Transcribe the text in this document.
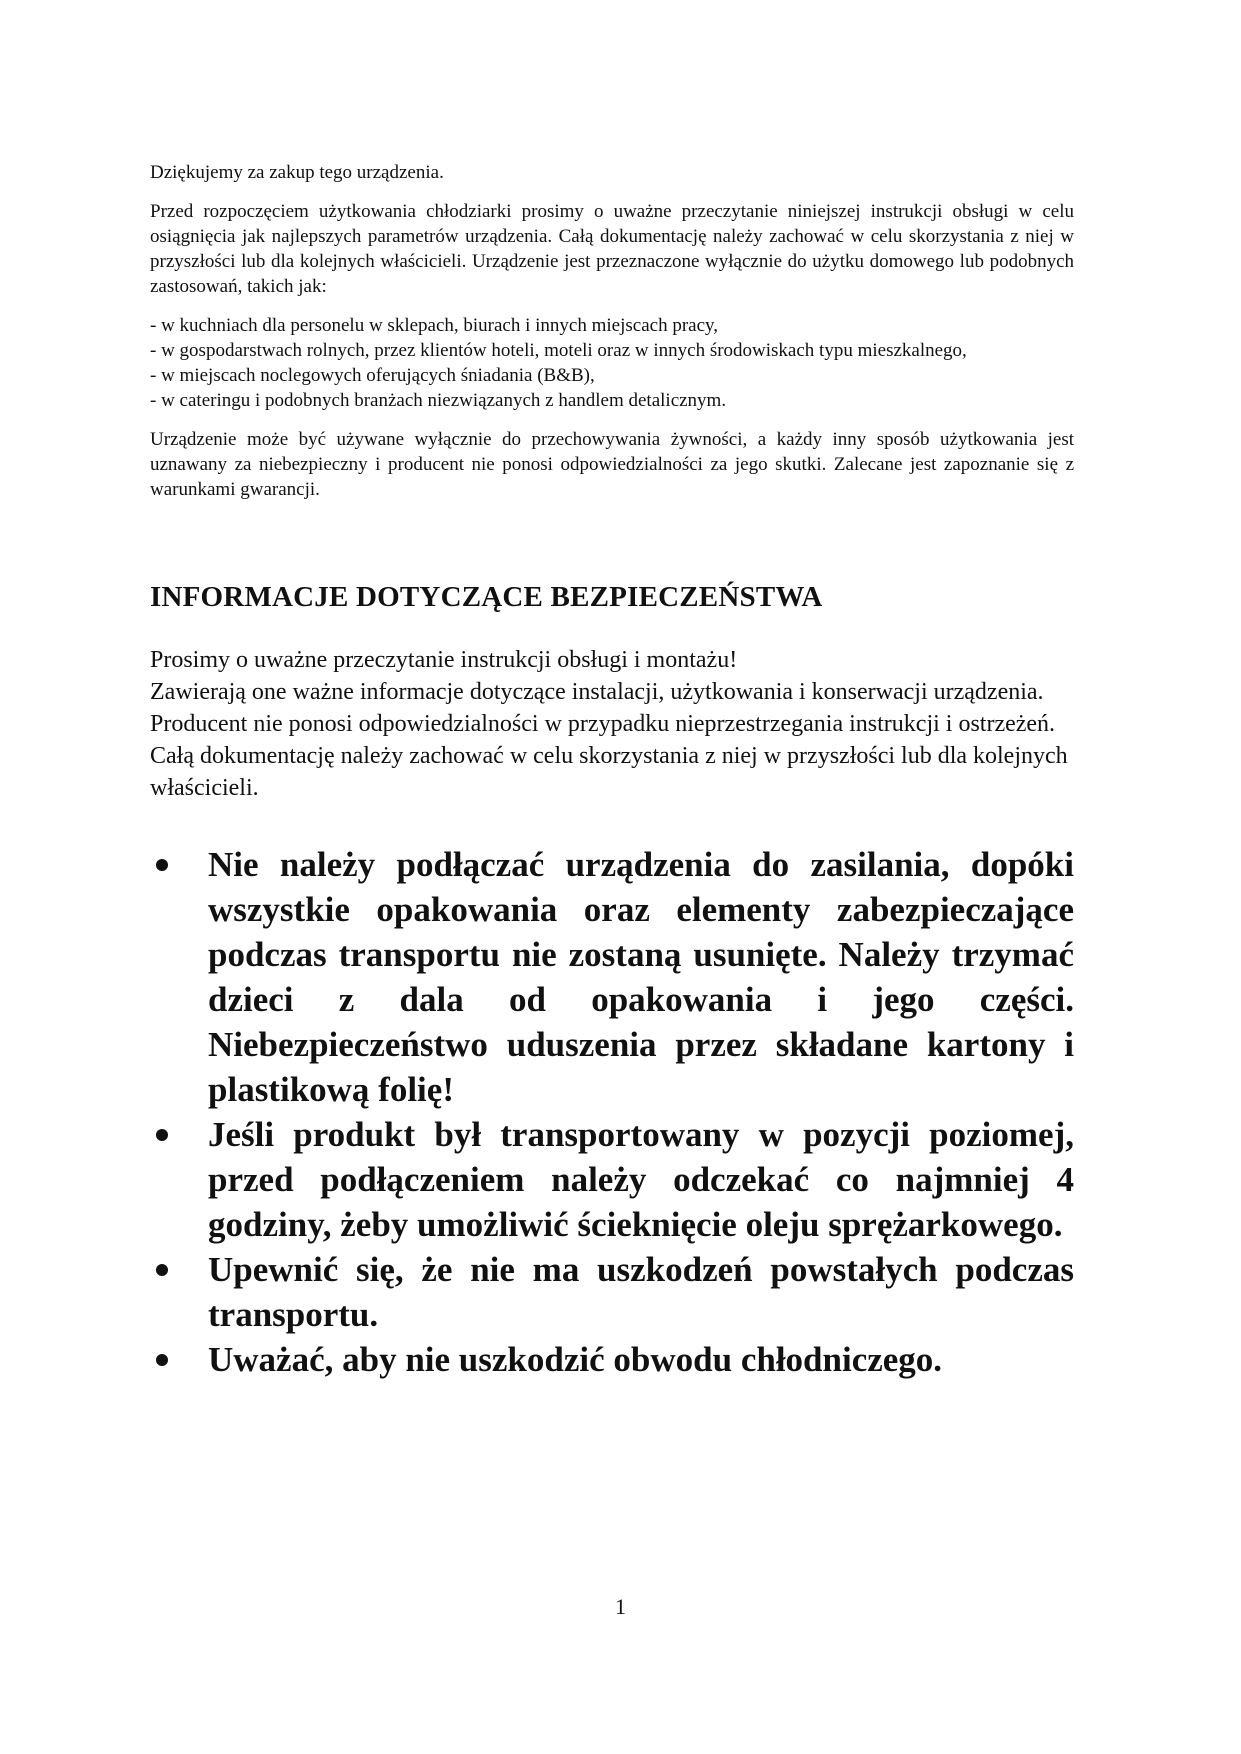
Dziękujemy za zakup tego urządzenia.

Przed rozpoczęciem użytkowania chłodziarki prosimy o uważne przeczytanie niniejszej instrukcji obsługi w celu osiągnięcia jak najlepszych parametrów urządzenia. Całą dokumentację należy zachować w celu skorzystania z niej w przyszłości lub dla kolejnych właścicieli. Urządzenie jest przeznaczone wyłącznie do użytku domowego lub podobnych zastosowań, takich jak:

- w kuchniach dla personelu w sklepach, biurach i innych miejscach pracy,
- w gospodarstwach rolnych, przez klientów hoteli, moteli oraz w innych środowiskach typu mieszkalnego,
- w miejscach noclegowych oferujących śniadania (B&B),
- w cateringu i podobnych branżach niezwiązanych z handlem detalicznym.

Urządzenie może być używane wyłącznie do przechowywania żywności, a każdy inny sposób użytkowania jest uznawany za niebezpieczny i producent nie ponosi odpowiedzialności za jego skutki. Zalecane jest zapoznanie się z warunkami gwarancji.

INFORMACJE DOTYCZĄCE BEZPIECZEŃSTWA
Prosimy o uważne przeczytanie instrukcji obsługi i montażu!
Zawierają one ważne informacje dotyczące instalacji, użytkowania i konserwacji urządzenia.
Producent nie ponosi odpowiedzialności w przypadku nieprzestrzegania instrukcji i ostrzeżeń.
Całą dokumentację należy zachować w celu skorzystania z niej w przyszłości lub dla kolejnych właścicieli.
Nie należy podłączać urządzenia do zasilania, dopóki wszystkie opakowania oraz elementy zabezpieczające podczas transportu nie zostaną usunięte. Należy trzymać dzieci z dala od opakowania i jego części. Niebezpieczeństwo uduszenia przez składane kartony i plastikową folię!
Jeśli produkt był transportowany w pozycji poziomej, przed podłączeniem należy odczekać co najmniej 4 godziny, żeby umożliwić ścieknięcie oleju sprężarkowego.
Upewnić się, że nie ma uszkodzeń powstałych podczas transportu.
Uważać, aby nie uszkodzić obwodu chłodniczego.
1
